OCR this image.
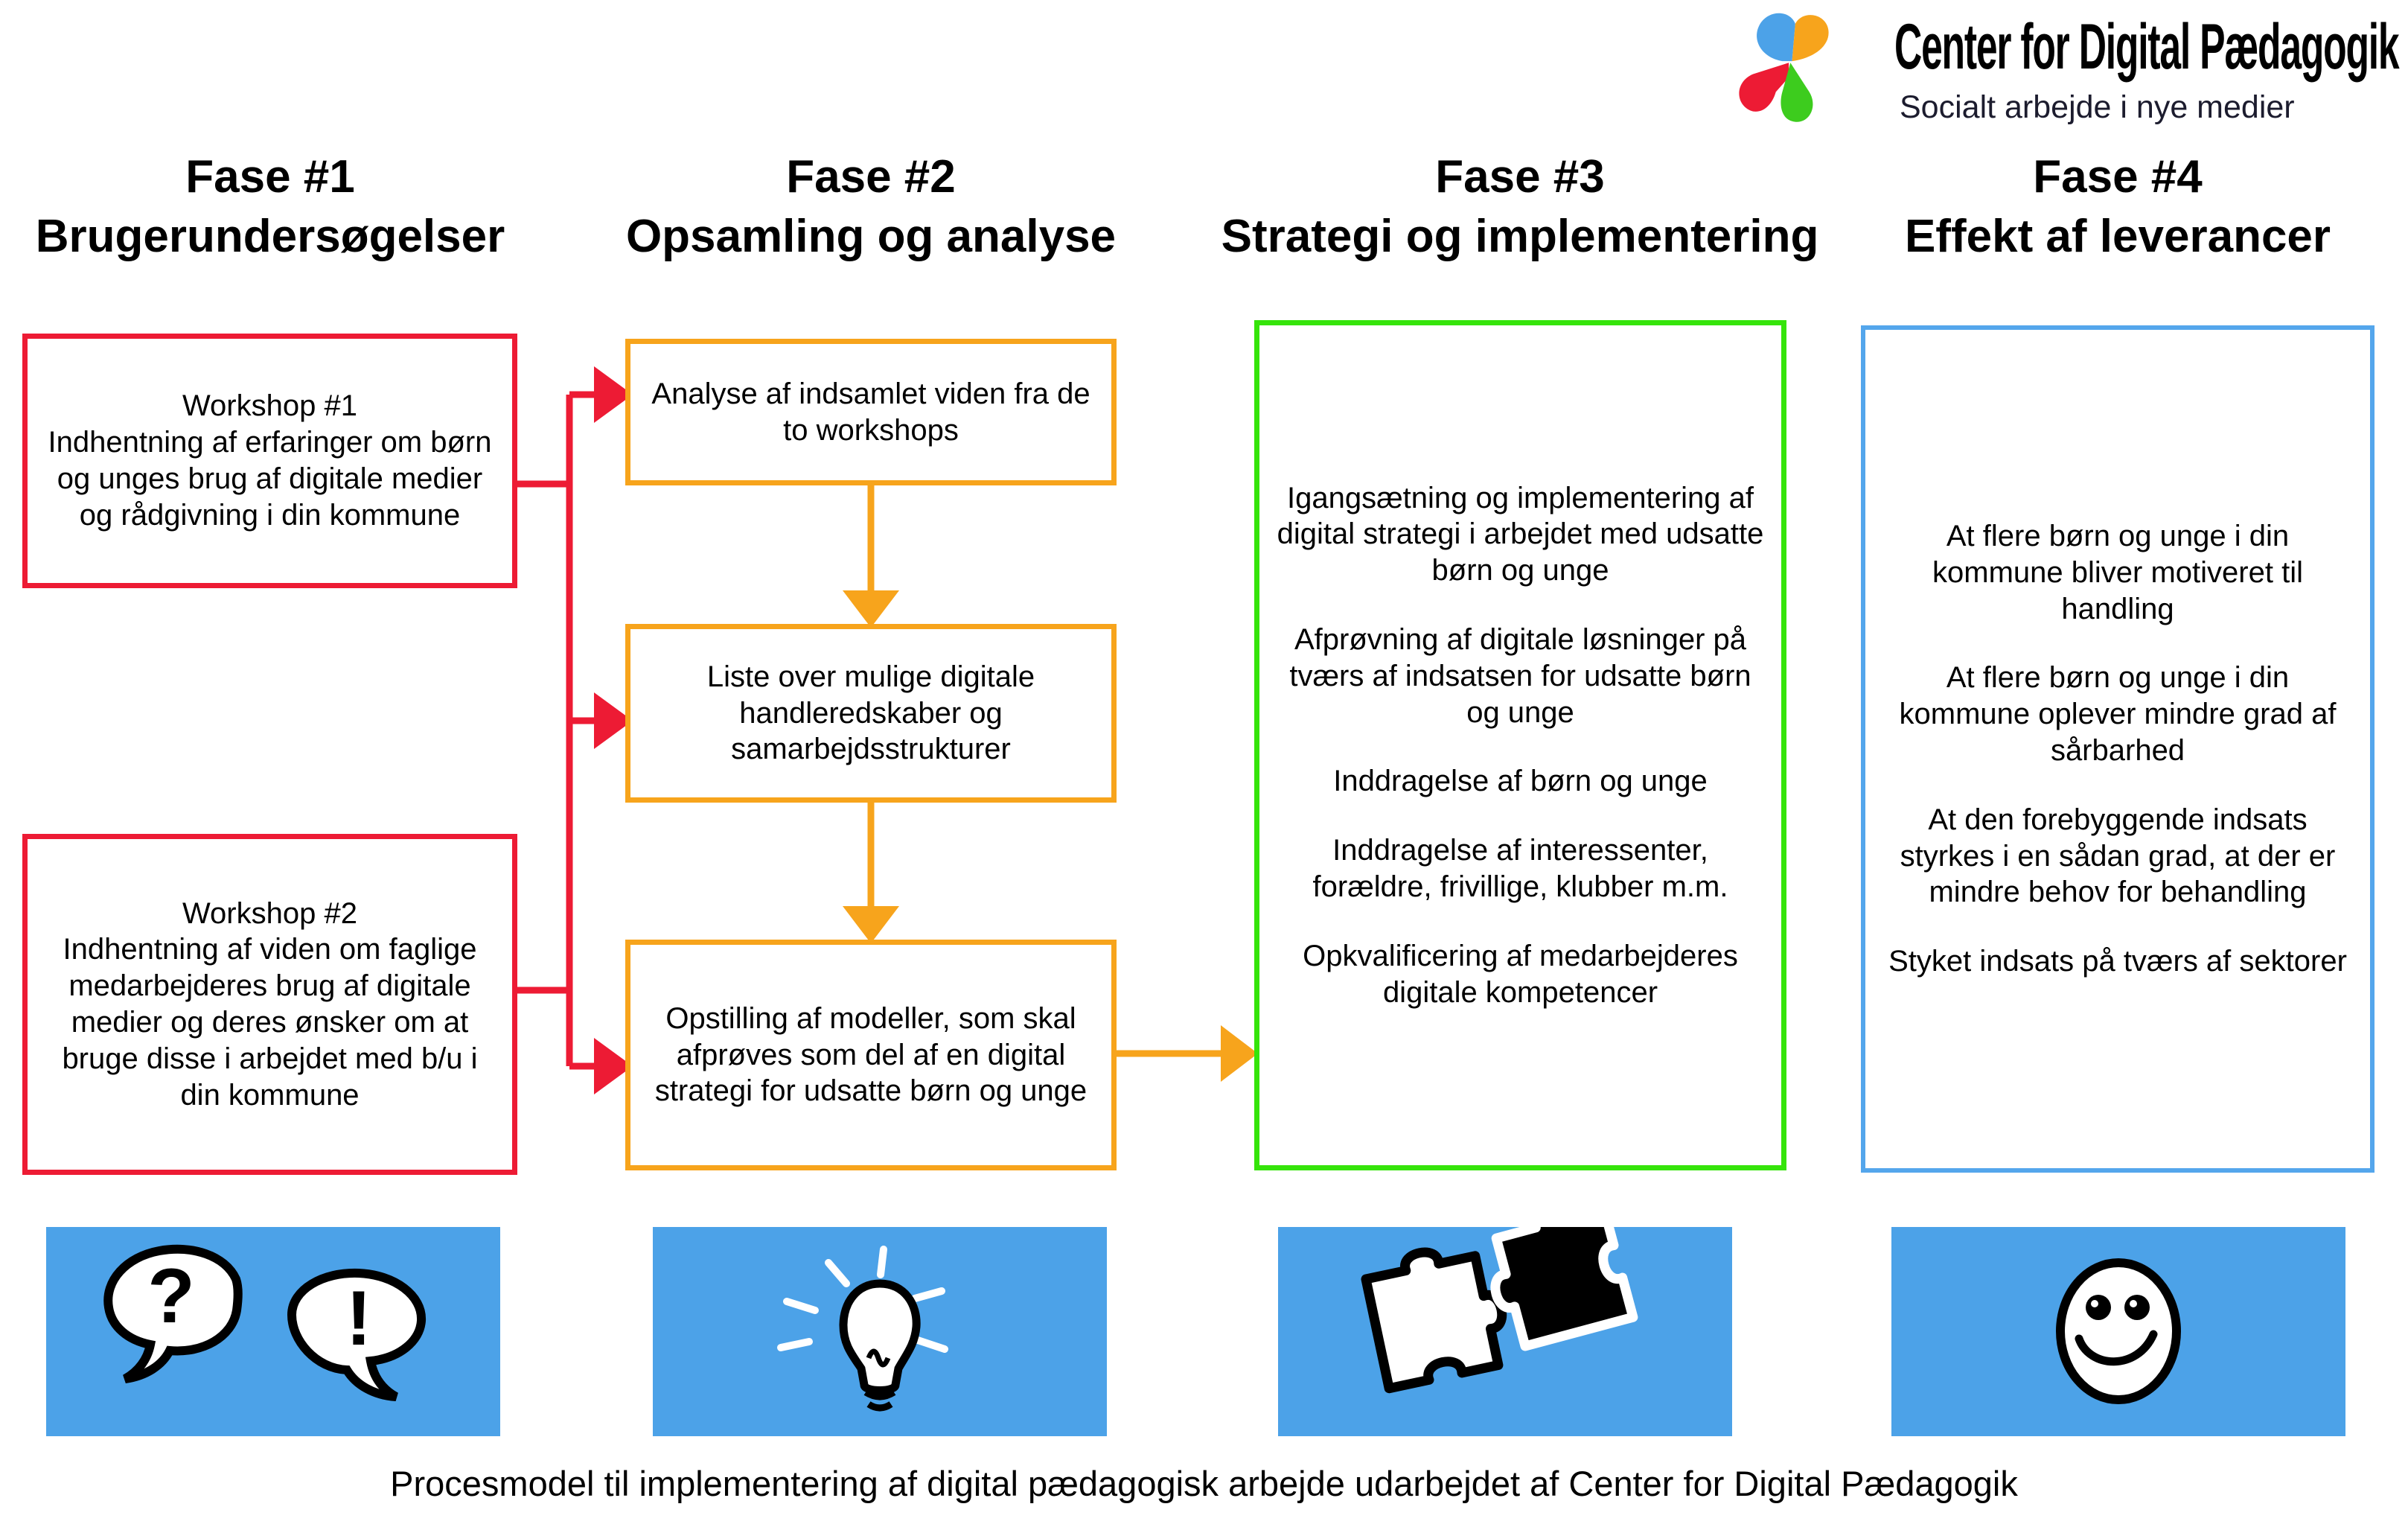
Center for Digital Pædagogik
Socialt arbejde i nye medier
Fase #1
Brugerundersøgelser
Fase #2
Opsamling og analyse
Fase #3
Strategi og implementering
Fase #4
Effekt af leverancer

Workshop #1

Indhentning af erfaringer om børn og unges brug af digitale medier og rådgivning i din kommune

Workshop #2

Indhentning af viden om faglige medarbejderes brug af digitale medier og deres ønsker om at bruge disse i arbejdet med b/u i din kommune

Analyse af indsamlet viden fra de to workshops

Liste over mulige digitale handleredskaber og samarbejdsstrukturer

Opstilling af modeller, som skal afprøves som del af en digital strategi for udsatte børn og unge

Igangsætning og implementering af digital strategi i arbejdet med udsatte børn og unge

Afprøvning af digitale løsninger på tværs af indsatsen for udsatte børn og unge

Inddragelse af børn og unge

Inddragelse af interessenter, forældre, frivillige, klubber m.m.

Opkvalificering af medarbejderes digitale kompetencer

At flere børn og unge i din kommune bliver motiveret til handling

At flere børn og unge i din kommune oplever mindre grad af sårbarhed

At den forebyggende indsats styrkes i en sådan grad, at der er mindre behov for behandling

Styket indsats på tværs af sektorer

? !
Procesmodel til implementering af digital pædagogisk arbejde udarbejdet af Center for Digital Pædagogik
